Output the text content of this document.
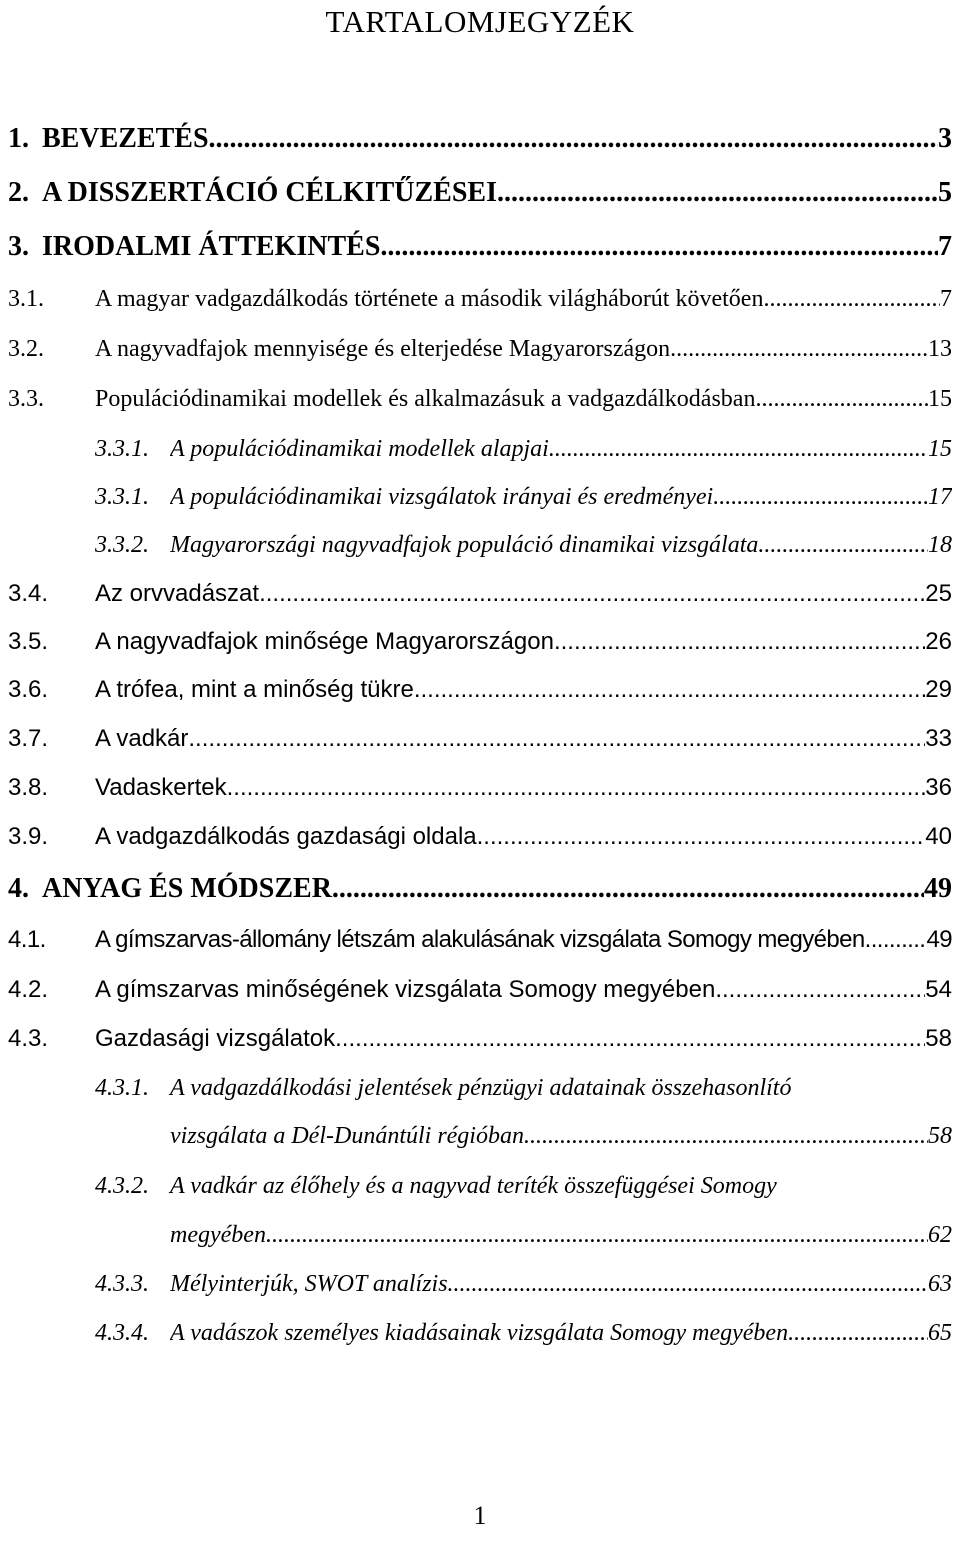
TARTALOMJEGYZÉK
1. BEVEZETÉS .....	3
2. A DISSZERTÁCIÓ CÉLKITŰZÉSEI .....	5
3. IRODALMI ÁTTEKINTÉS .....	7
3.1. A magyar vadgazdálkodás története a második világháborút követően .....	7
3.2. A nagyvadfajok mennyisége és elterjedése Magyarországon .....	13
3.3. Populációdinamikai modellek és alkalmazásuk a vadgazdálkodásban .....	15
3.3.1. A populációdinamikai modellek alapjai .....	15
3.3.1. A populációdinamikai vizsgálatok irányai és eredményei .....	17
3.3.2. Magyarországi nagyvadfajok populáció dinamikai vizsgálata .....	18
3.4. Az orvvadászat .....	25
3.5. A nagyvadfajok minősége Magyarországon .....	26
3.6. A trófea, mint a minőség tükre .....	29
3.7. A vadkár .....	33
3.8. Vadaskertek .....	36
3.9. A vadgazdálkodás gazdasági oldala .....	40
4. ANYAG ÉS MÓDSZER .....	49
4.1. A gímszarvas-állomány létszám alakulásának vizsgálata Somogy megyében .....	49
4.2. A gímszarvas minőségének vizsgálata Somogy megyében .....	54
4.3. Gazdasági vizsgálatok .....	58
4.3.1. A vadgazdálkodási jelentések pénzügyi adatainak összehasonlító
vizsgálata a Dél-Dunántúli régióban .....	58
4.3.2. A vadkár az élőhely és a nagyvad teríték összefüggései Somogy
megyében .....	62
4.3.3. Mélyinterjúk, SWOT analízis .....	63
4.3.4. A vadászok személyes kiadásainak vizsgálata Somogy megyében .....	65
1
